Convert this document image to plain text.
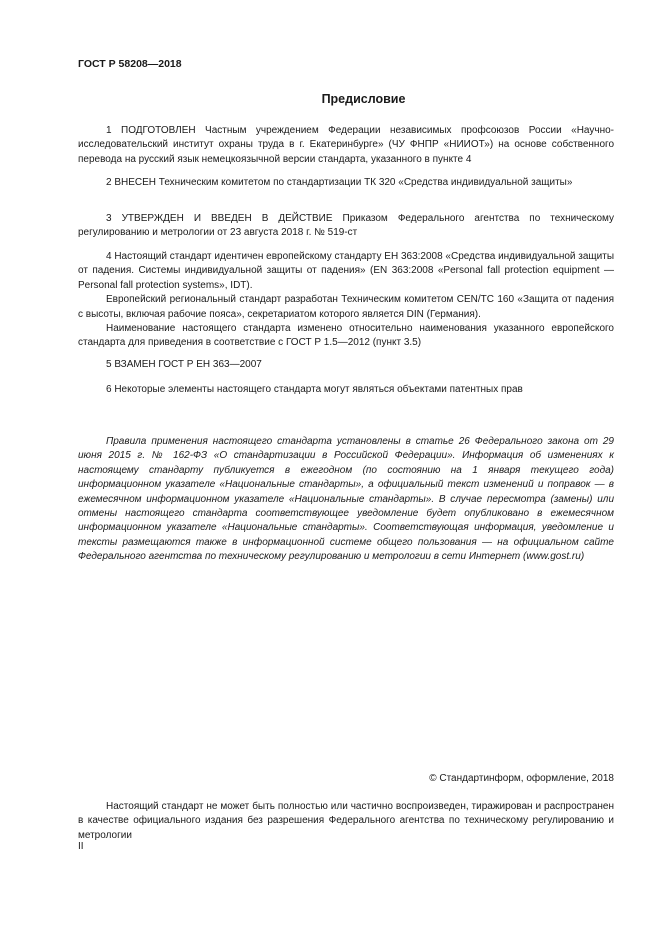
ГОСТ Р 58208—2018
Предисловие

1 ПОДГОТОВЛЕН Частным учреждением Федерации независимых профсоюзов России «Научно-исследовательский институт охраны труда в г. Екатеринбурге» (ЧУ ФНПР «НИИОТ») на основе собственного перевода на русский язык немецкоязычной версии стандарта, указанного в пункте 4

2 ВНЕСЕН Техническим комитетом по стандартизации ТК 320 «Средства индивидуальной защиты»

3 УТВЕРЖДЕН И ВВЕДЕН В ДЕЙСТВИЕ Приказом Федерального агентства по техническому регулированию и метрологии от 23 августа 2018 г. № 519-ст

4 Настоящий стандарт идентичен европейскому стандарту ЕН 363:2008 «Средства индивидуальной защиты от падения. Системы индивидуальной защиты от падения» (EN 363:2008 «Personal fall protection equipment — Personal fall protection systems», IDT).

Европейский региональный стандарт разработан Техническим комитетом CEN/TC 160 «Защита от падения с высоты, включая рабочие пояса», секретариатом которого является DIN (Германия).

Наименование настоящего стандарта изменено относительно наименования указанного европейского стандарта для приведения в соответствие с ГОСТ Р 1.5—2012 (пункт 3.5)

5 ВЗАМЕН ГОСТ Р ЕН 363—2007

6 Некоторые элементы настоящего стандарта могут являться объектами патентных прав

Правила применения настоящего стандарта установлены в статье 26 Федерального закона от 29 июня 2015 г. № 162-ФЗ «О стандартизации в Российской Федерации». Информация об изменениях к настоящему стандарту публикуется в ежегодном (по состоянию на 1 января текущего года) информационном указателе «Национальные стандарты», а официальный текст изменений и поправок — в ежемесячном информационном указателе «Национальные стандарты». В случае пересмотра (замены) или отмены настоящего стандарта соответствующее уведомление будет опубликовано в ежемесячном информационном указателе «Национальные стандарты». Соответствующая информация, уведомление и тексты размещаются также в информационной системе общего пользования — на официальном сайте Федерального агентства по техническому регулированию и метрологии в сети Интернет (www.gost.ru)

© Стандартинформ, оформление, 2018

Настоящий стандарт не может быть полностью или частично воспроизведен, тиражирован и распространен в качестве официального издания без разрешения Федерального агентства по техническому регулированию и метрологии

II
